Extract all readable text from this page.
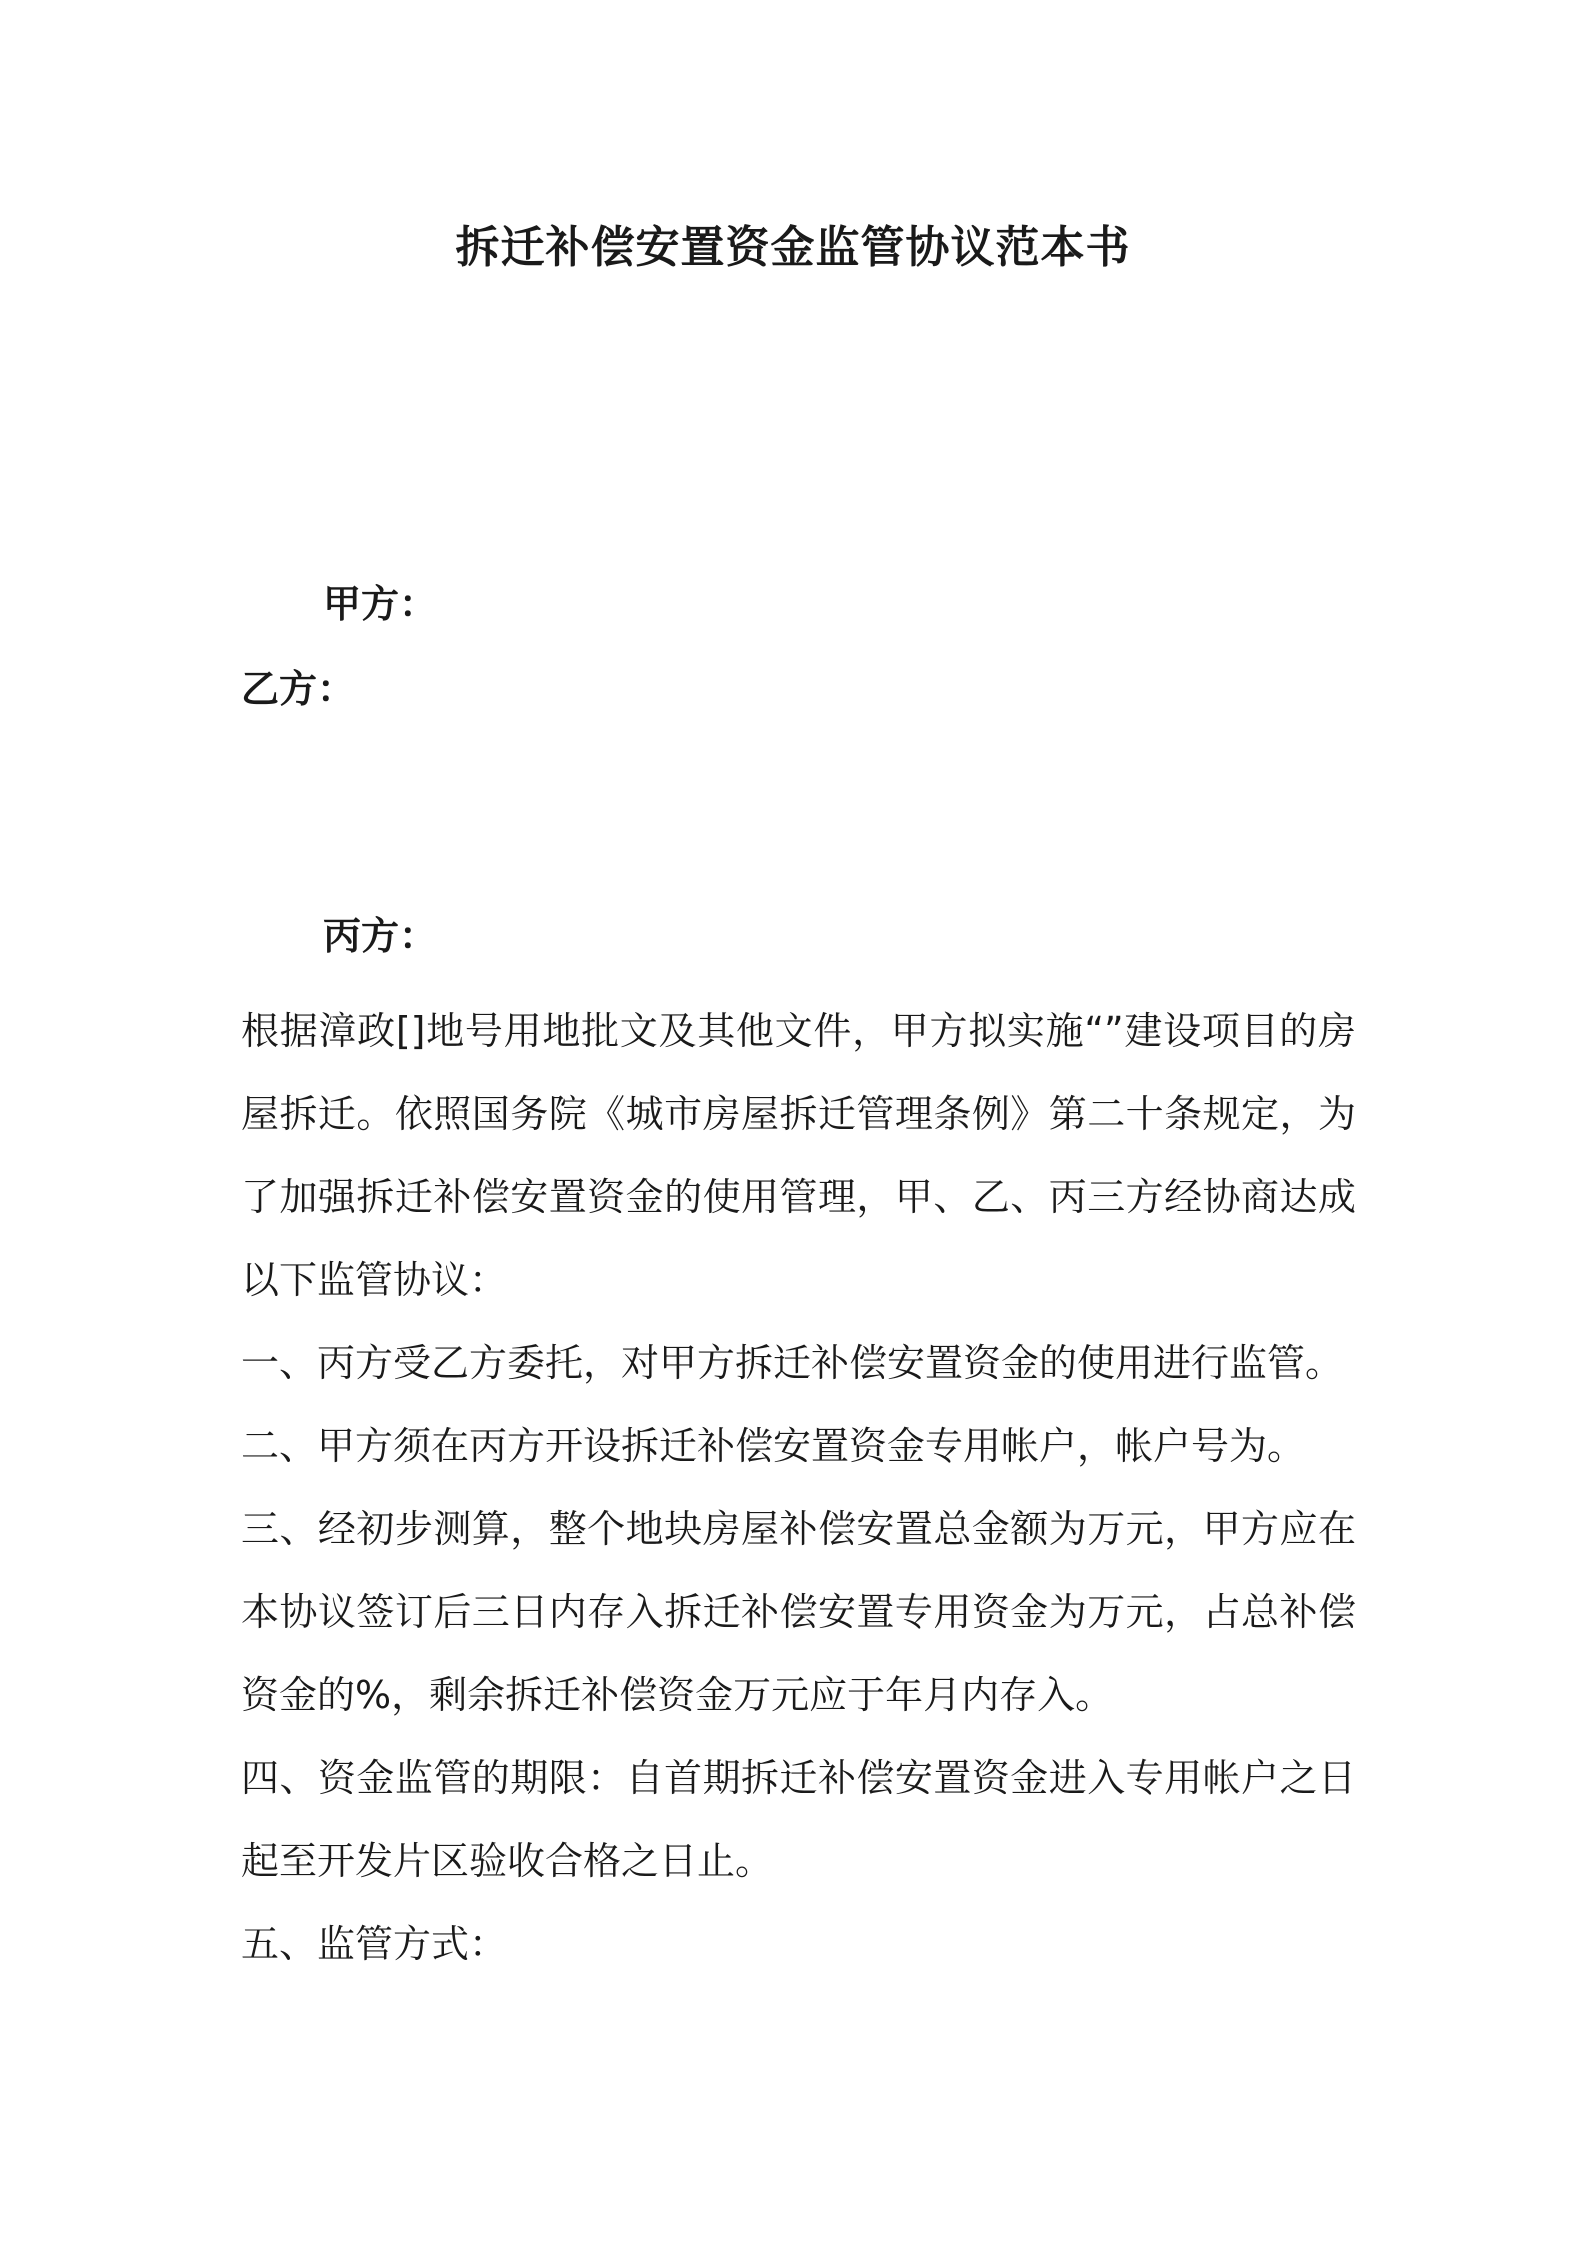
拆迁补偿安置资金监管协议范本书
甲方：
乙方：
丙方：

根据漳政[]地号用地批文及其他文件，甲方拟实施“”建设项目的房屋拆迁。依照国务院《城市房屋拆迁管理条例》第二十条规定，为了加强拆迁补偿安置资金的使用管理，甲、乙、丙三方经协商达成以下监管协议：

一、丙方受乙方委托，对甲方拆迁补偿安置资金的使用进行监管。

二、甲方须在丙方开设拆迁补偿安置资金专用帐户，帐户号为。

三、经初步测算，整个地块房屋补偿安置总金额为万元，甲方应在本协议签订后三日内存入拆迁补偿安置专用资金为万元，占总补偿资金的%，剩余拆迁补偿资金万元应于年月内存入。

四、资金监管的期限：自首期拆迁补偿安置资金进入专用帐户之日起至开发片区验收合格之日止。

五、监管方式：
